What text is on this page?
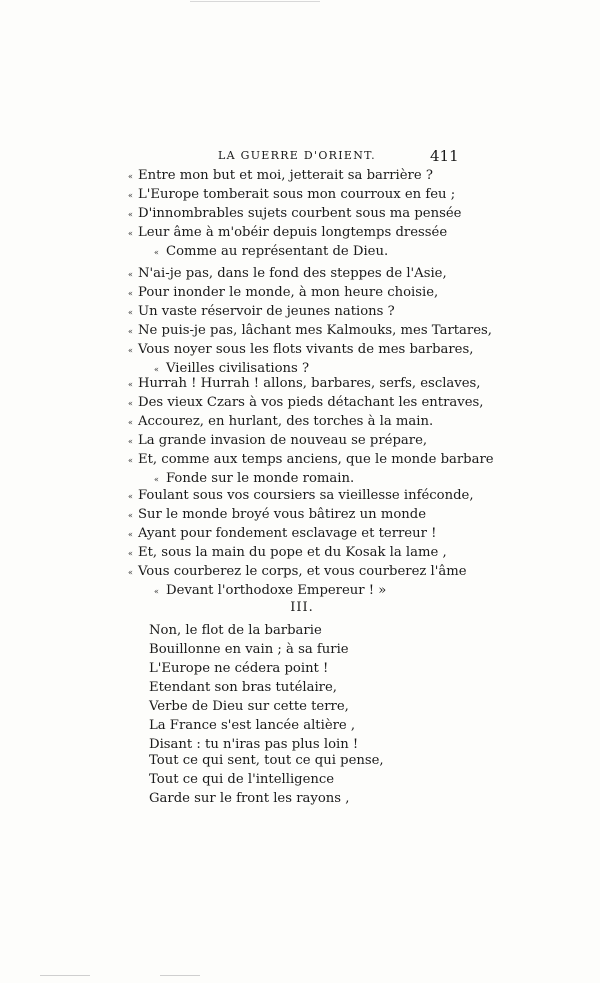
LA GUERRE D'ORIENT.	411
« Entre mon but et moi, jetterait sa barrière ?
« L'Europe tomberait sous mon courroux en feu ;
« D'innombrables sujets courbent sous ma pensée
« Leur âme à m'obéir depuis longtemps dressée
« Comme au représentant de Dieu.
« N'ai-je pas, dans le fond des steppes de l'Asie,
« Pour inonder le monde, à mon heure choisie,
« Un vaste réservoir de jeunes nations ?
« Ne puis-je pas, lâchant mes Kalmouks, mes Tartares,
« Vous noyer sous les flots vivants de mes barbares,
« Vieilles civilisations ?
« Hurrah ! Hurrah ! allons, barbares, serfs, esclaves,
« Des vieux Czars à vos pieds détachant les entraves,
« Accourez, en hurlant, des torches à la main.
« La grande invasion de nouveau se prépare,
« Et, comme aux temps anciens, que le monde barbare
« Fonde sur le monde romain.
« Foulant sous vos coursiers sa vieillesse inféconde,
« Sur le monde broyé vous bâtirez un monde
« Ayant pour fondement esclavage et terreur !
« Et, sous la main du pope et du Kosak la lame ,
« Vous courberez le corps, et vous courberez l'âme
« Devant l'orthodoxe Empereur ! »
III.
Non, le flot de la barbarie
Bouillonne en vain ; à sa furie
L'Europe ne cédera point !
Etendant son bras tutélaire,
Verbe de Dieu sur cette terre,
La France s'est lancée altière ,
Disant : tu n'iras pas plus loin !
Tout ce qui sent, tout ce qui pense,
Tout ce qui de l'intelligence
Garde sur le front les rayons ,
